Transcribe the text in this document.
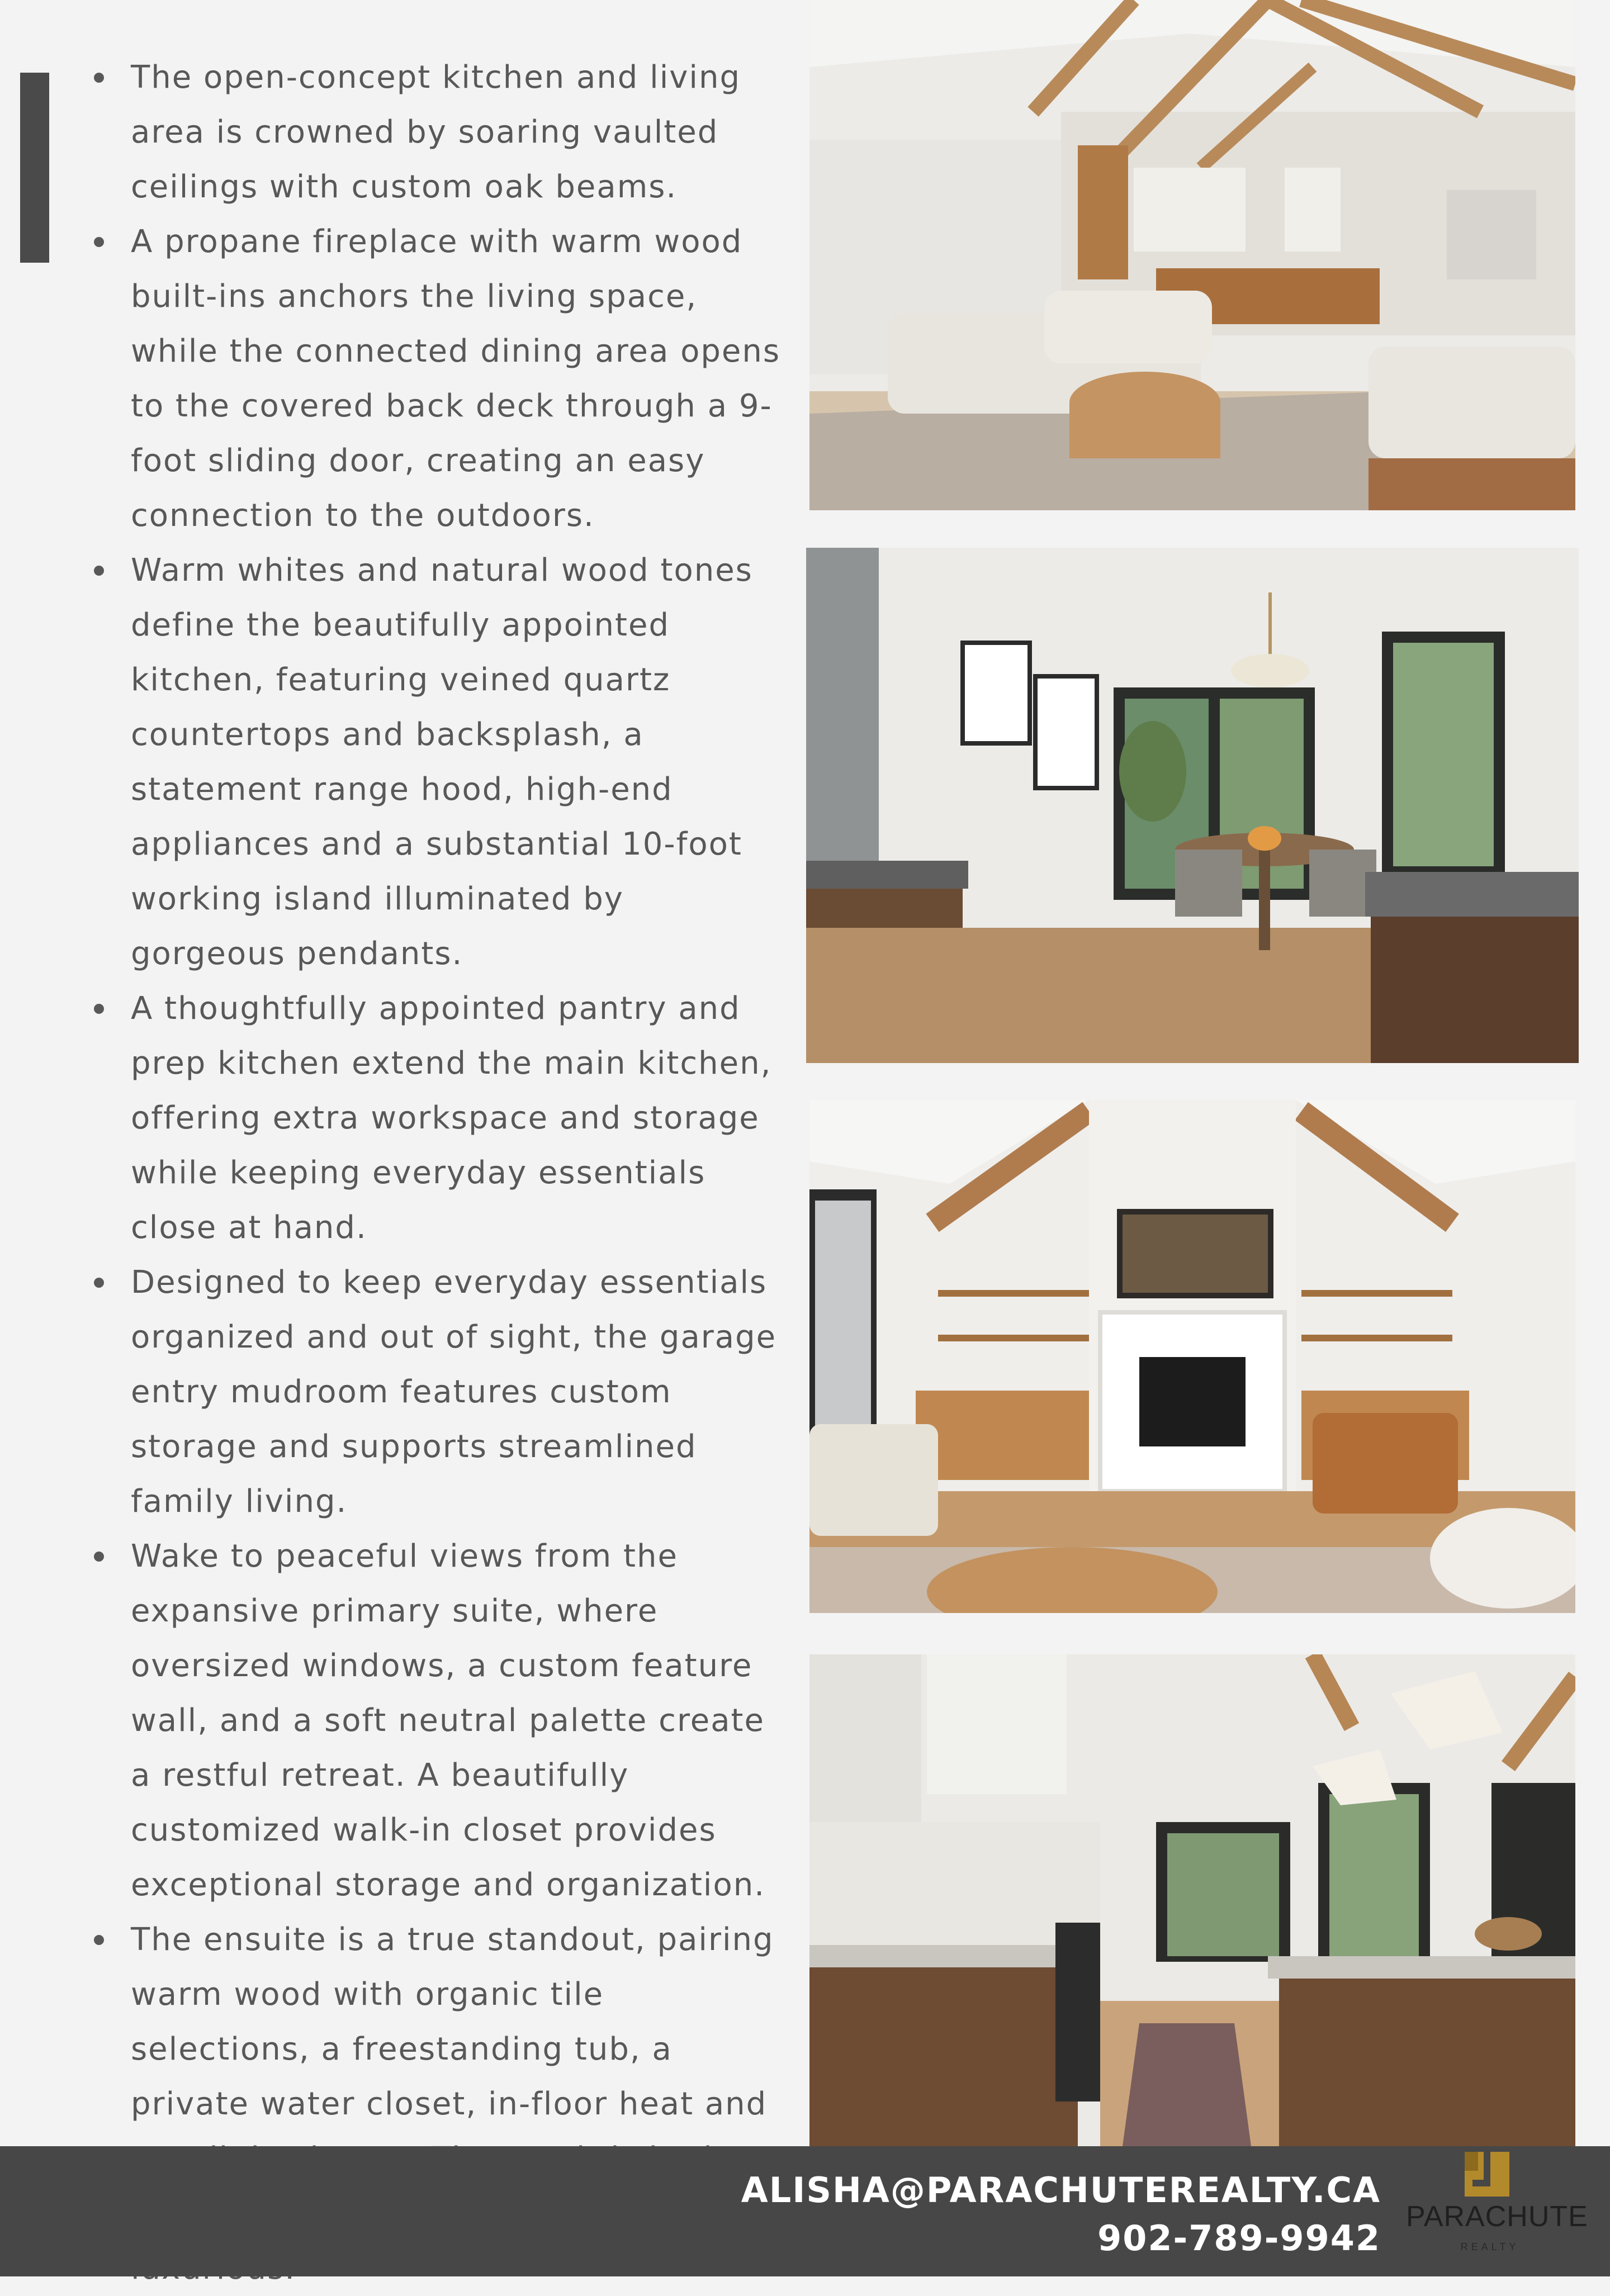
The open-concept kitchen and living area is crowned by soaring vaulted ceilings with custom oak beams.
A propane fireplace with warm wood built-ins anchors the living space, while the connected dining area opens to the covered back deck through a 9-foot sliding door, creating an easy connection to the outdoors.
Warm whites and natural wood tones define the beautifully appointed kitchen, featuring veined quartz countertops and backsplash, a statement range hood, high-end appliances and a substantial 10-foot working island illuminated by gorgeous pendants.
A thoughtfully appointed pantry and prep kitchen extend the main kitchen, offering extra workspace and storage while keeping everyday essentials close at hand.
Designed to keep everyday essentials organized and out of sight, the garage entry mudroom features custom storage and supports streamlined family living.
Wake to peaceful views from the expansive primary suite, where oversized windows, a custom feature wall, and a soft neutral palette create a restful retreat. A beautifully customized walk-in closet provides exceptional storage and organization.
The ensuite is a true standout, pairing warm wood with organic tile selections, a freestanding tub, a private water closet, in-floor heat and
ALISHA@PARACHUTEREALTY.CA
902-789-9942
PARACHUTE
REALTY
